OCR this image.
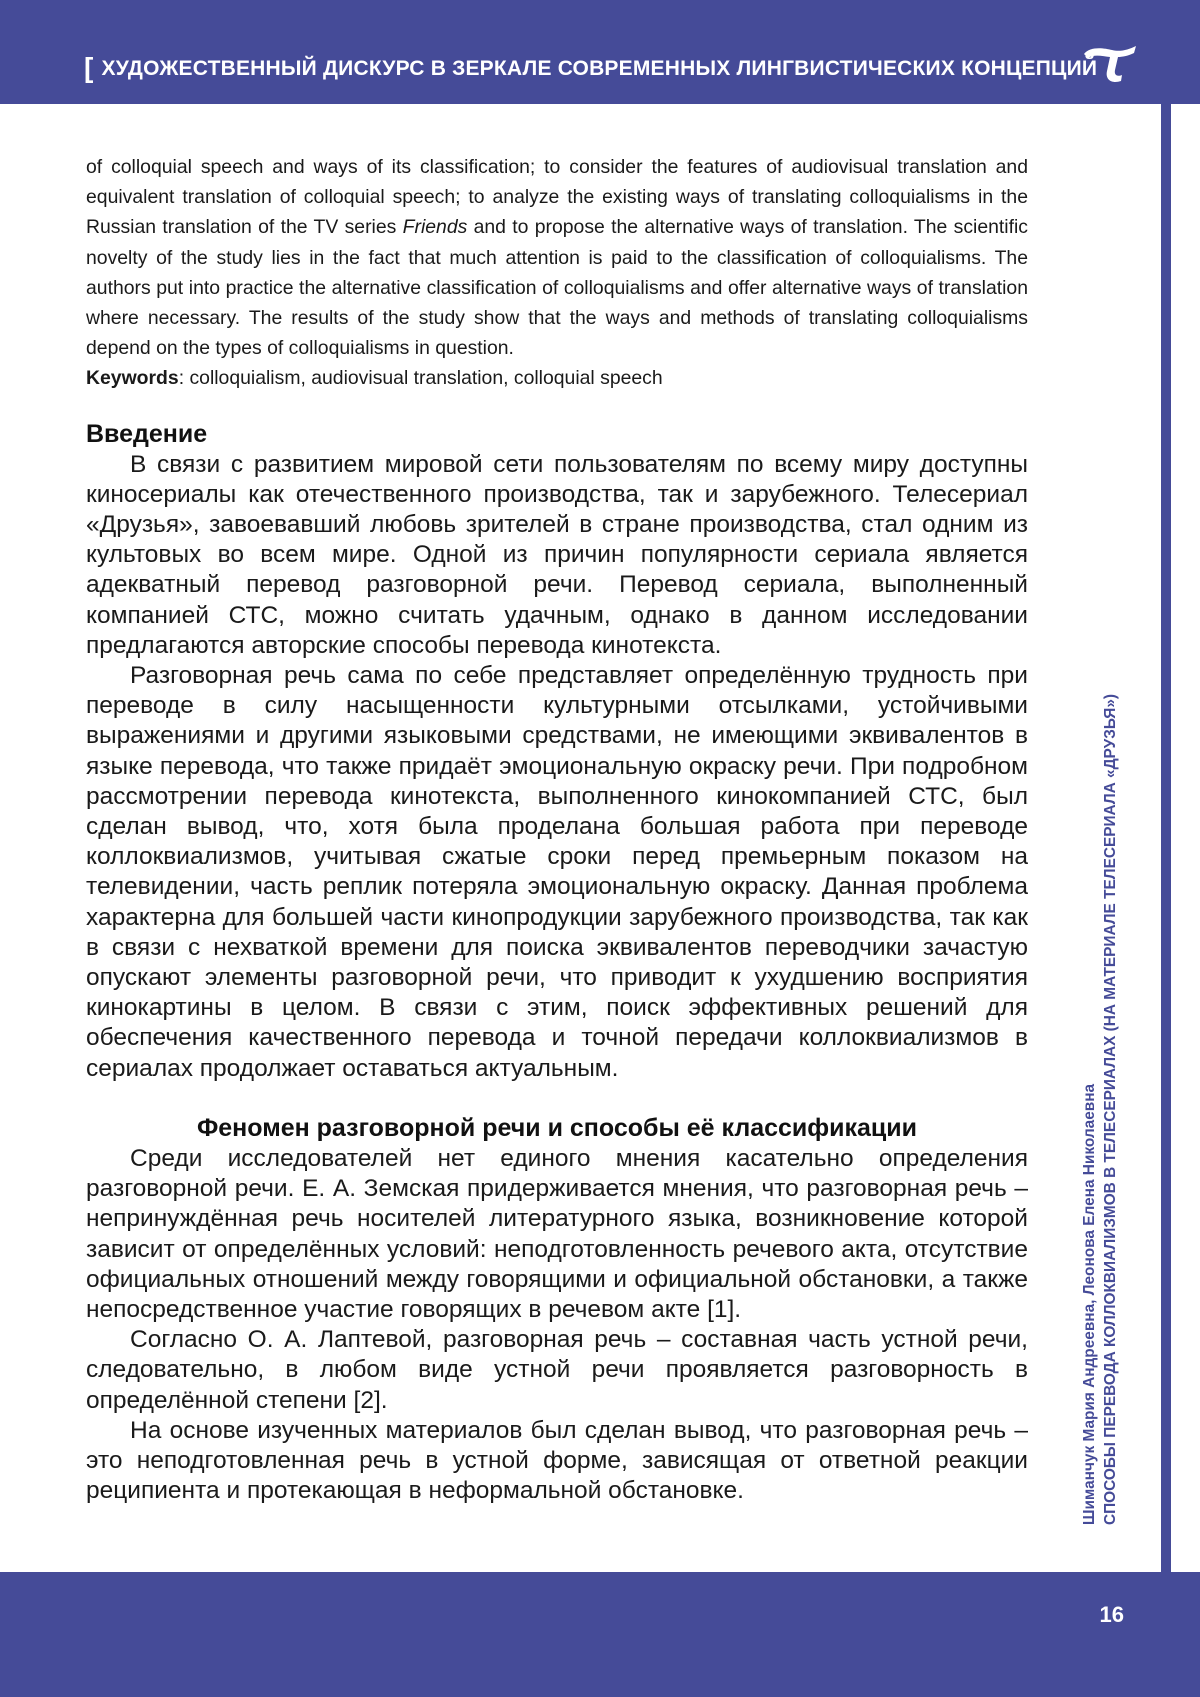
[ ХУДОЖЕСТВЕННЫЙ ДИСКУРС В ЗЕРКАЛЕ СОВРЕМЕННЫХ ЛИНГВИСТИЧЕСКИХ КОНЦЕПЦИЙ
Шиманчук Мария Андреевна, Леонова Елена Николаевна СПОСОБЫ ПЕРЕВОДА КОЛЛОКВИАЛИЗМОВ В ТЕЛЕСЕРИАЛАХ (НА МАТЕРИАЛЕ ТЕЛЕСЕРИАЛА «ДРУЗЬЯ»)

of colloquial speech and ways of its classification; to consider the features of audiovisual translation and equivalent translation of colloquial speech; to analyze the existing ways of translating colloquialisms in the Russian translation of the TV series Friends and to propose the alternative ways of translation. The scientific novelty of the study lies in the fact that much attention is paid to the classification of colloquialisms. The authors put into practice the alternative classification of colloquialisms and offer alternative ways of translation where necessary. The results of the study show that the ways and methods of translating colloquialisms depend on the types of colloquialisms in question.

Keywords: colloquialism, audiovisual translation, colloquial speech

Введение

В связи с развитием мировой сети пользователям по всему миру доступны киносериалы как отечественного производства, так и зарубежного. Телесериал «Друзья», завоевавший любовь зрителей в стране производства, стал одним из культовых во всем мире. Одной из причин популярности сериала является адекватный перевод разговорной речи. Перевод сериала, выполненный компанией СТС, можно считать удачным, однако в данном исследовании предлагаются авторские способы перевода кинотекста.

Разговорная речь сама по себе представляет определённую трудность при переводе в силу насыщенности культурными отсылками, устойчивыми выражениями и другими языковыми средствами, не имеющими эквивалентов в языке перевода, что также придаёт эмоциональную окраску речи. При подробном рассмотрении перевода кинотекста, выполненного кинокомпанией СТС, был сделан вывод, что, хотя была проделана большая работа при переводе коллоквиализмов, учитывая сжатые сроки перед премьерным показом на телевидении, часть реплик потеряла эмоциональную окраску. Данная проблема характерна для большей части кинопродукции зарубежного производства, так как в связи с нехваткой времени для поиска эквивалентов переводчики зачастую опускают элементы разговорной речи, что приводит к ухудшению восприятия кинокартины в целом. В связи с этим, поиск эффективных решений для обеспечения качественного перевода и точной передачи коллоквиализмов в сериалах продолжает оставаться актуальным.

Феномен разговорной речи и способы её классификации

Среди исследователей нет единого мнения касательно определения разговорной речи. Е. А. Земская придерживается мнения, что разговорная речь – непринуждённая речь носителей литературного языка, возникновение которой зависит от определённых условий: неподготовленность речевого акта, отсутствие официальных отношений между говорящими и официальной обстановки, а также непосредственное участие говорящих в речевом акте [1].

Согласно О. А. Лаптевой, разговорная речь – составная часть устной речи, следовательно, в любом виде устной речи проявляется разговорность в определённой степени [2].

На основе изученных материалов был сделан вывод, что разговорная речь – это неподготовленная речь в устной форме, зависящая от ответной реакции реципиента и протекающая в неформальной обстановке.

16
